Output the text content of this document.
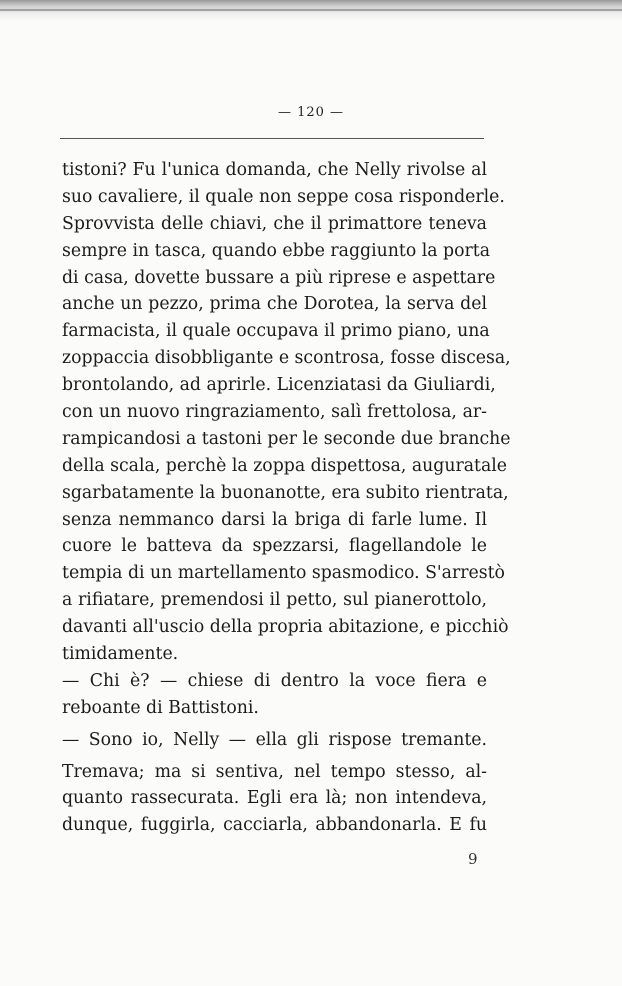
— 120 —
tistoni? Fu l'unica domanda, che Nelly rivolse al
suo cavaliere, il quale non seppe cosa risponderle.
Sprovvista delle chiavi, che il primattore teneva
sempre in tasca, quando ebbe raggiunto la porta
di casa, dovette bussare a più riprese e aspettare
anche un pezzo, prima che Dorotea, la serva del
farmacista, il quale occupava il primo piano, una
zoppaccia disobbligante e scontrosa, fosse discesa,
brontolando, ad aprirle. Licenziatasi da Giuliardi,
con un nuovo ringraziamento, salì frettolosa, ar-
rampicandosi a tastoni per le seconde due branche
della scala, perchè la zoppa dispettosa, auguratale
sgarbatamente la buonanotte, era subito rientrata,
senza nemmanco darsi la briga di farle lume. Il
cuore le batteva da spezzarsi, flagellandole le
tempia di un martellamento spasmodico. S'arrestò
a rifiatare, premendosi il petto, sul pianerottolo,
davanti all'uscio della propria abitazione, e picchiò
timidamente.
— Chi è? — chiese di dentro la voce fiera e
reboante di Battistoni.
— Sono io, Nelly — ella gli rispose tremante.
Tremava; ma si sentiva, nel tempo stesso, al-
quanto rassecurata. Egli era là; non intendeva,
dunque, fuggirla, cacciarla, abbandonarla. E fu
9
